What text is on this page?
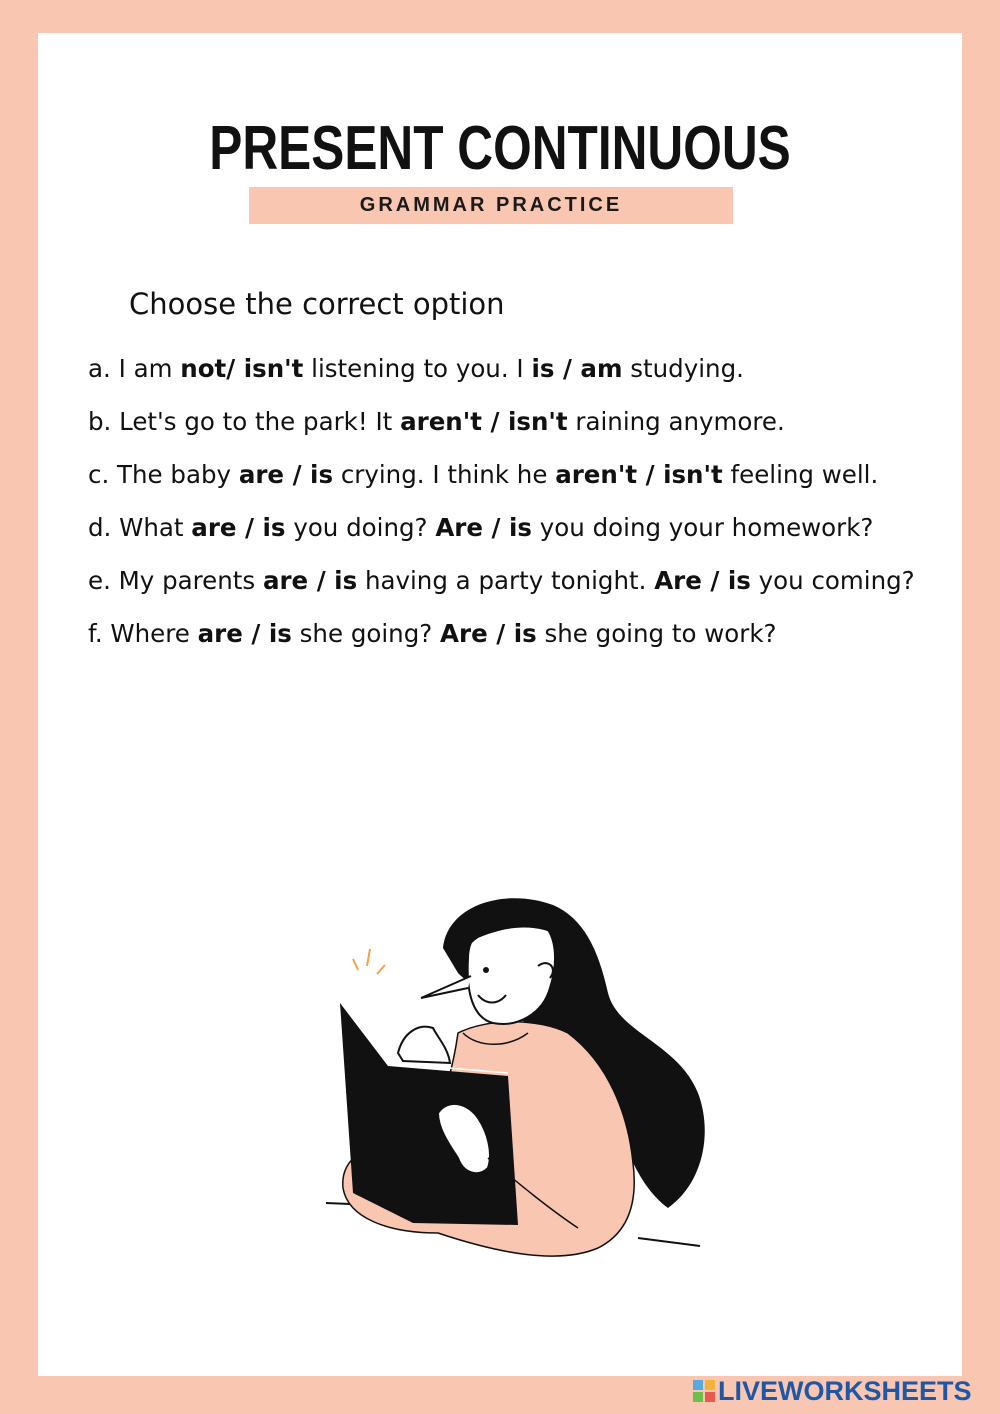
PRESENT CONTINUOUS
GRAMMAR PRACTICE
Choose the correct option
a. I am not/ isn't listening to you. I is / am studying.
b. Let's go to the park! It aren't / isn't raining anymore.
c. The baby are / is crying. I think he aren't / isn't feeling well.
d. What are / is you doing? Are / is you doing your homework?
e. My parents are / is having a party tonight. Are / is you coming?
f. Where are / is she going? Are / is she going to work?
LIVEWORKSHEETS
